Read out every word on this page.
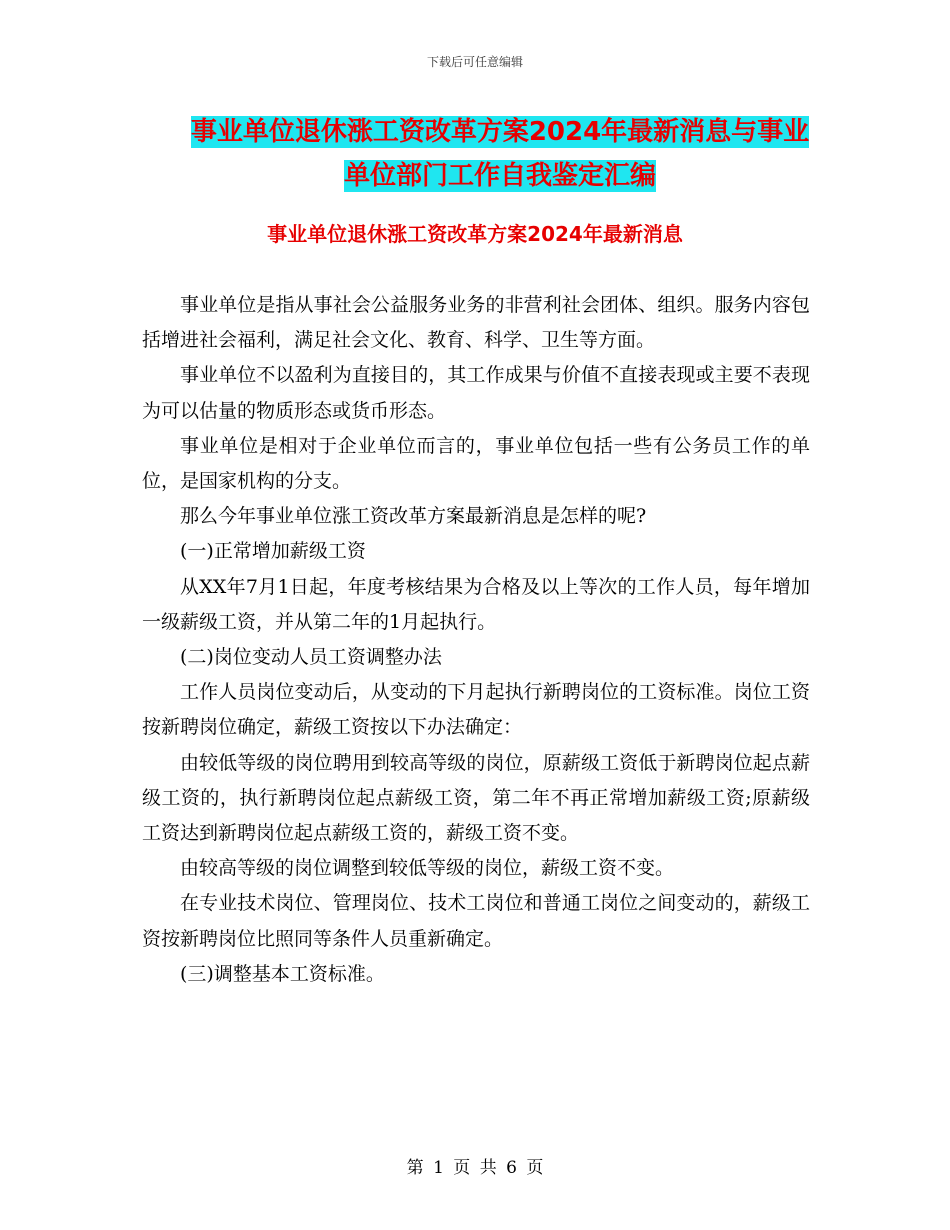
下载后可任意编辑
事业单位退休涨工资改革方案2024年最新消息与事业
单位部门工作自我鉴定汇编
事业单位退休涨工资改革方案2024年最新消息

事业单位是指从事社会公益服务业务的非营利社会团体、组织。服务内容包括增进社会福利，满足社会文化、教育、科学、卫生等方面。

事业单位不以盈利为直接目的，其工作成果与价值不直接表现或主要不表现为可以估量的物质形态或货币形态。

事业单位是相对于企业单位而言的，事业单位包括一些有公务员工作的单位，是国家机构的分支。

那么今年事业单位涨工资改革方案最新消息是怎样的呢?

(一)正常增加薪级工资

从XX年7月1日起，年度考核结果为合格及以上等次的工作人员，每年增加一级薪级工资，并从第二年的1月起执行。

(二)岗位变动人员工资调整办法

工作人员岗位变动后，从变动的下月起执行新聘岗位的工资标准。岗位工资按新聘岗位确定，薪级工资按以下办法确定：

由较低等级的岗位聘用到较高等级的岗位，原薪级工资低于新聘岗位起点薪级工资的，执行新聘岗位起点薪级工资，第二年不再正常增加薪级工资;原薪级工资达到新聘岗位起点薪级工资的，薪级工资不变。

由较高等级的岗位调整到较低等级的岗位，薪级工资不变。

在专业技术岗位、管理岗位、技术工岗位和普通工岗位之间变动的，薪级工资按新聘岗位比照同等条件人员重新确定。

(三)调整基本工资标准。

第 1 页 共 6 页
